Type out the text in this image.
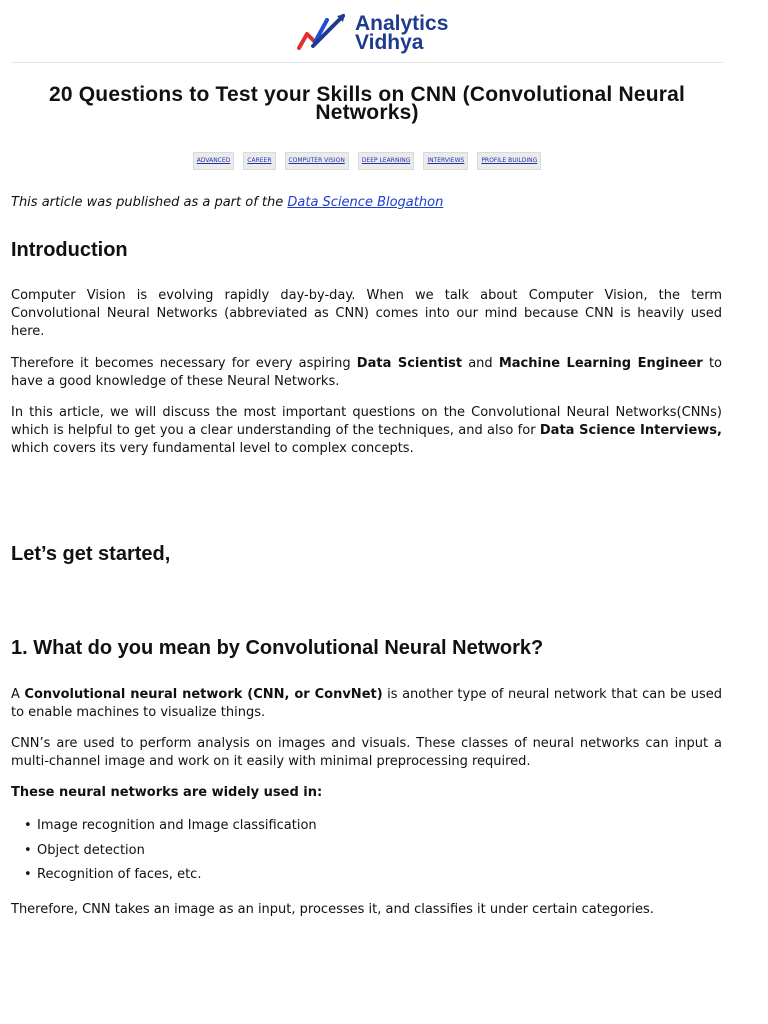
Analytics
Vidhya
20 Questions to Test your Skills on CNN (Convolutional Neural Networks)
ADVANCED	CAREER	COMPUTER VISION	DEEP LEARNING	INTERVIEWS	PROFILE BUILDING
This article was published as a part of the Data Science Blogathon
Introduction
Computer Vision is evolving rapidly day-by-day. When we talk about Computer Vision, the term Convolutional Neural Networks (abbreviated as CNN) comes into our mind because CNN is heavily used here.
Therefore it becomes necessary for every aspiring Data Scientist and Machine Learning Engineer to have a good knowledge of these Neural Networks.
In this article, we will discuss the most important questions on the Convolutional Neural Networks(CNNs) which is helpful to get you a clear understanding of the techniques, and also for Data Science Interviews, which covers its very fundamental level to complex concepts.
Let’s get started,
1. What do you mean by Convolutional Neural Network?
A Convolutional neural network (CNN, or ConvNet) is another type of neural network that can be used to enable machines to visualize things.
CNN’s are used to perform analysis on images and visuals. These classes of neural networks can input a multi-channel image and work on it easily with minimal preprocessing required.
These neural networks are widely used in:
• Image recognition and Image classification
• Object detection
• Recognition of faces, etc.
Therefore, CNN takes an image as an input, processes it, and classifies it under certain categories.
